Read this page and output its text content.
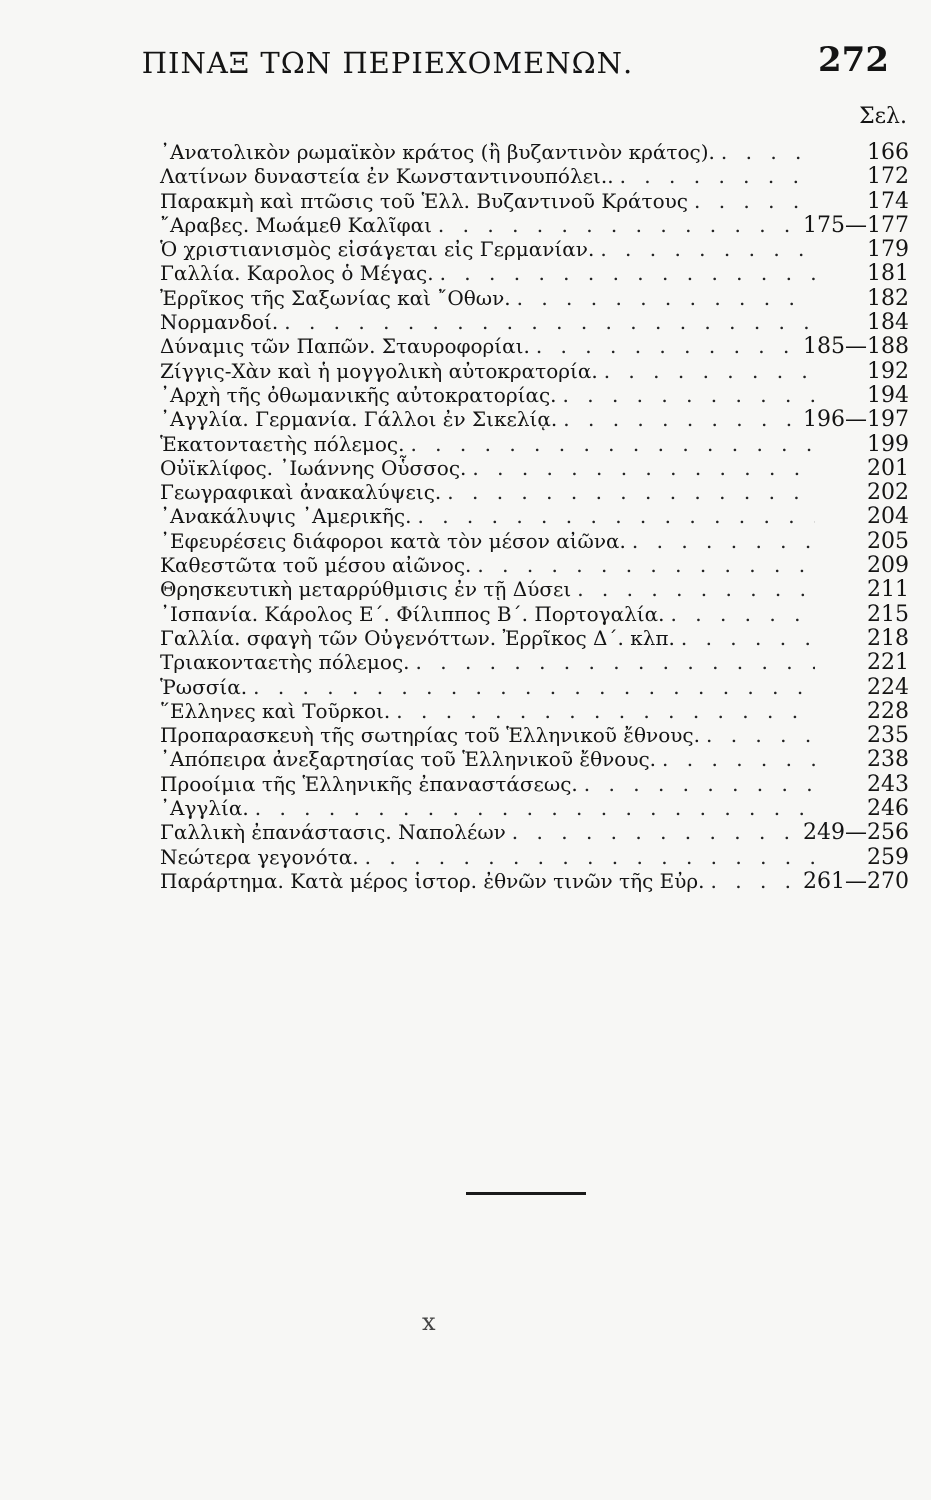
ΠΙΝΑΞ ΤΩΝ ΠΕΡΙΕΧΟΜΕΝΩΝ.	272
Σελ.
᾿Ανατολικὸν ρωμαϊκὸν κράτος (ἢ βυζαντινὸν κράτος). . . .	166
Λατίνων δυναστεία ἐν Κωνσταντινουπόλει.. . . .	172
Παρακμὴ καὶ πτῶσις τοῦ Ἑλλ. Βυζαντινοῦ Κράτους . . .	174
῎Αραβες. Μωάμεθ Καλῖφαι . . .	175—177
Ὁ χριστιανισμὸς εἰσάγεται εἰς Γερμανίαν. . . .	179
Γαλλία. Καρολος ὁ Μέγας. . . .	181
Ἐρρῖκος τῆς Σαξωνίας καὶ ῎Οθων. . . .	182
Νορμανδοί. . . .	184
Δύναμις τῶν Παπῶν. Σταυροφορίαι. . . .	185—188
Ζίγγις-Χὰν καὶ ἡ μογγολικὴ αὐτοκρατορία. . . .	192
᾿Αρχὴ τῆς ὀθωμανικῆς αὐτοκρατορίας. . . .	194
᾿Αγγλία. Γερμανία. Γάλλοι ἐν Σικελίᾳ. . . .	196—197
Ἑκατονταετὴς πόλεμος. . . .	199
Οὐϊκλίφος. ᾿Ιωάννης Οὗσσος. . . .	201
Γεωγραφικαὶ ἀνακαλύψεις. . . .	202
᾿Ανακάλυψις ᾿Αμερικῆς. . . .	204
᾿Εφευρέσεις διάφοροι κατὰ τὸν μέσον αἰῶνα. . . .	205
Καθεστῶτα τοῦ μέσου αἰῶνος. . . .	209
Θρησκευτικὴ μεταρρύθμισις ἐν τῇ Δύσει . . .	211
᾿Ισπανία. Κάρολος Ε΄. Φίλιππος Β΄. Πορτογαλία. . . .	215
Γαλλία. σφαγὴ τῶν Οὐγενόττων. Ἐρρῖκος Δ΄. κλπ. . . .	218
Τριακονταετὴς πόλεμος. . . .	221
Ῥωσσία. . . .	224
῞Ελληνες καὶ Τοῦρκοι. . . .	228
Προπαρασκευὴ τῆς σωτηρίας τοῦ Ἑλληνικοῦ ἔθνους. . . .	235
᾿Απόπειρα ἀνεξαρτησίας τοῦ Ἑλληνικοῦ ἔθνους. . . .	238
Προοίμια τῆς Ἑλληνικῆς ἐπαναστάσεως. . . .	243
᾿Αγγλία. . . .	246
Γαλλικὴ ἐπανάστασις. Ναπολέων . . .	249—256
Νεώτερα γεγονότα. . . .	259
Παράρτημα. Κατὰ μέρος ἱστορ. ἐθνῶν τινῶν τῆς Εὐρ. . . .	261—270
x
